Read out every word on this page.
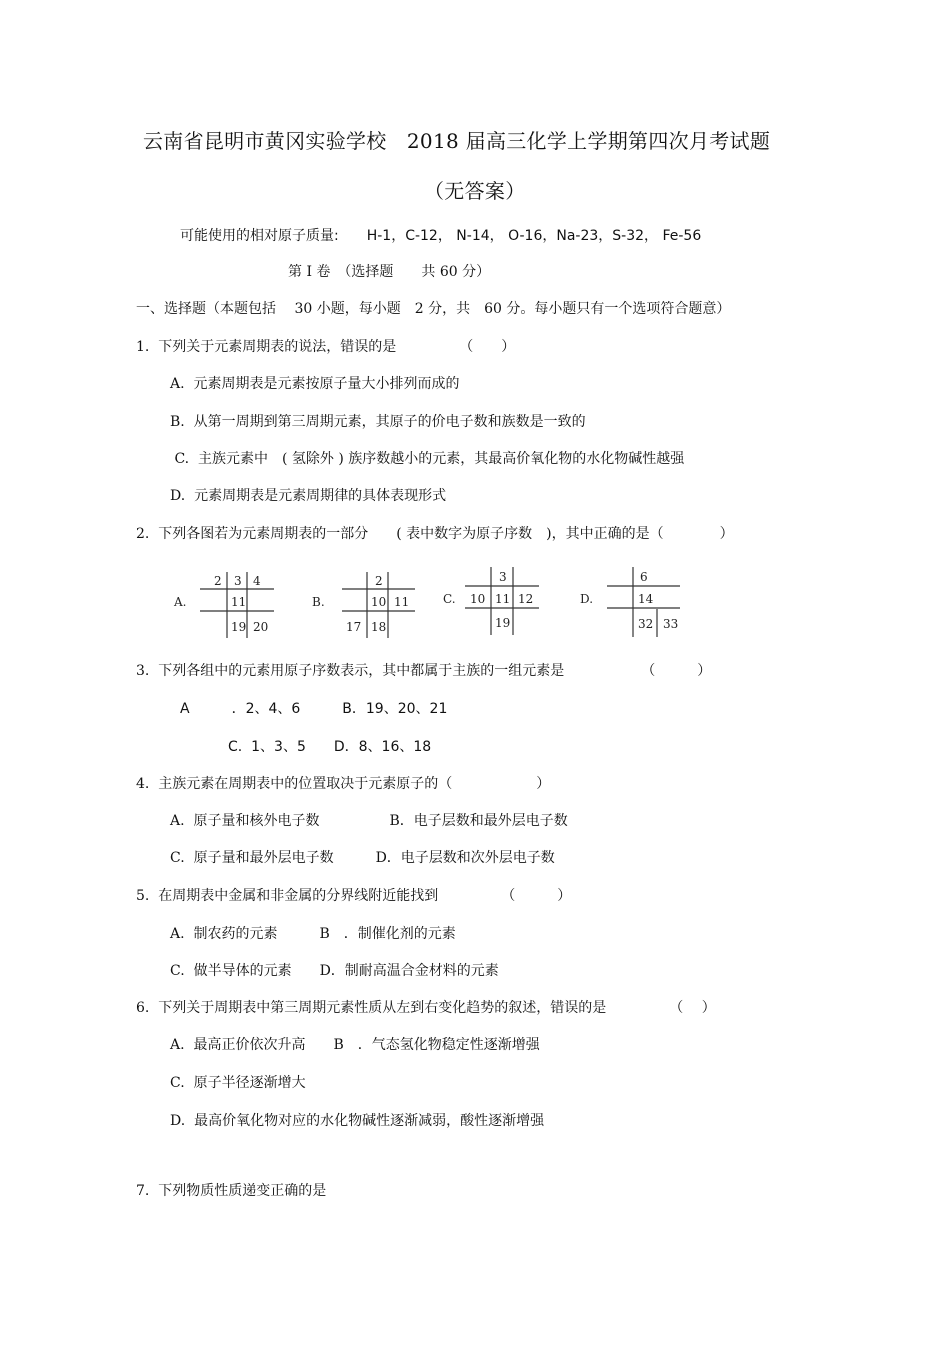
云南省昆明市黄冈实验学校　2018 届高三化学上学期第四次月考试题
（无答案）
可能使用的相对原子质量:　　H-1，C-12， N-14， O-16，Na-23，S-32， Fe-56
第 Ⅰ 卷　（选择题　　共 60 分）
一、选择题（本题包括　 30 小题，每小题　2 分，共　60 分。每小题只有一个选项符合题意）
1.  下列关于元素周期表的说法，错误的是　　　　　（　　）
A.  元素周期表是元素按原子量大小排列而成的
B.  从第一周期到第三周期元素，其原子的价电子数和族数是一致的
C.  主族元素中　( 氢除外 ) 族序数越小的元素，其最高价氧化物的水化物碱性越强
D.  元素周期表是元素周期律的具体表现形式
2.  下列各图若为元素周期表的一部分　　( 表中数字为原子序数　)，其中正确的是（　　　　）
A.
2 3 4
11
19 20
B.
2
10 11
17 18
C.
3
10 11 12
19
D.
6
14
32 33
3.  下列各组中的元素用原子序数表示，其中都属于主族的一组元素是　　　　　　（　　　）
A　　　．2、4、6　　　B．19、20、21
C.  1、3、5　　D．8、16、18
4.  主族元素在周期表中的位置取决于元素原子的（　　　　　　）
A.  原子量和核外电子数　　　　　B．电子层数和最外层电子数
C.  原子量和最外层电子数　　　D．电子层数和次外层电子数
5.  在周期表中金属和非金属的分界线附近能找到　　　　　（　　　）
A.  制农药的元素　　　B　．制催化剂的元素
C.  做半导体的元素　　D．制耐高温合金材料的元素
6.  下列关于周期表中第三周期元素性质从左到右变化趋势的叙述，错误的是　　　　　（　 ）
A.  最高正价依次升高　　B　．气态氢化物稳定性逐渐增强
C.  原子半径逐渐增大
D.  最高价氧化物对应的水化物碱性逐渐减弱，酸性逐渐增强
7.  下列物质性质递变正确的是
